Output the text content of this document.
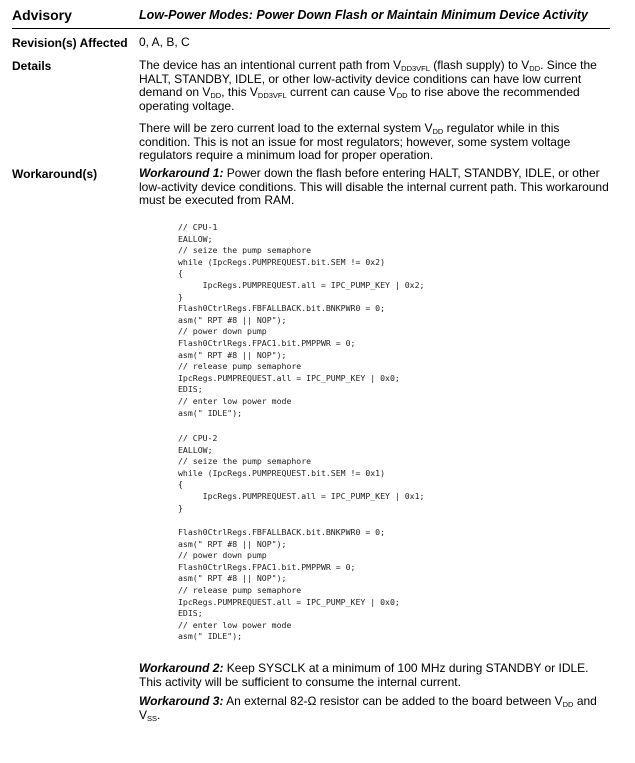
Advisory	Low-Power Modes: Power Down Flash or Maintain Minimum Device Activity
Revision(s) Affected 0, A, B, C
Details	The device has an intentional current path from $V_{DD3VFL}$ (flash supply) to $V_{DD}$. Since the HALT, STANDBY, IDLE, or other low-activity device conditions can have low current demand on $V_{DD}$, this $V_{DD3VFL}$ current can cause $V_{DD}$ to rise above the recommended operating voltage.

There will be zero current load to the external system $V_{DD}$ regulator while in this condition. This is not an issue for most regulators; however, some system voltage regulators require a minimum load for proper operation.

Workaround(s)	Workaround 1: Power down the flash before entering HALT, STANDBY, IDLE, or other low-activity device conditions. This will disable the internal current path. This workaround must be executed from RAM.
// CPU-1
EALLOW;
// seize the pump semaphore
while (IpcRegs.PUMPREQUEST.bit.SEM != 0x2)
{
IpcRegs.PUMPREQUEST.all = IPC_PUMP_KEY | 0x2;
}
Flash0CtrlRegs.FBFALLBACK.bit.BNKPWR0 = 0;
asm(" RPT #8 || NOP");
// power down pump
Flash0CtrlRegs.FPAC1.bit.PMPPWR = 0;
asm(" RPT #8 || NOP");
// release pump semaphore
IpcRegs.PUMPREQUEST.all = IPC_PUMP_KEY | 0x0;
EDIS;
// enter low power mode
asm(" IDLE");
// CPU-2
EALLOW;
// seize the pump semaphore
while (IpcRegs.PUMPREQUEST.bit.SEM != 0x1)
{
IpcRegs.PUMPREQUEST.all = IPC_PUMP_KEY | 0x1;
}
Flash0CtrlRegs.FBFALLBACK.bit.BNKPWR0 = 0;
asm(" RPT #8 || NOP");
// power down pump
Flash0CtrlRegs.FPAC1.bit.PMPPWR = 0;
asm(" RPT #8 || NOP");
// release pump semaphore
IpcRegs.PUMPREQUEST.all = IPC_PUMP_KEY | 0x0;
EDIS;
// enter low power mode
asm(" IDLE");
Workaround 2: Keep SYSCLK at a minimum of 100 MHz during STANDBY or IDLE. This activity will be sufficient to consume the internal current.
Workaround 3: An external 82-Ω resistor can be added to the board between $V_{DD}$ and $V_{SS}$.
